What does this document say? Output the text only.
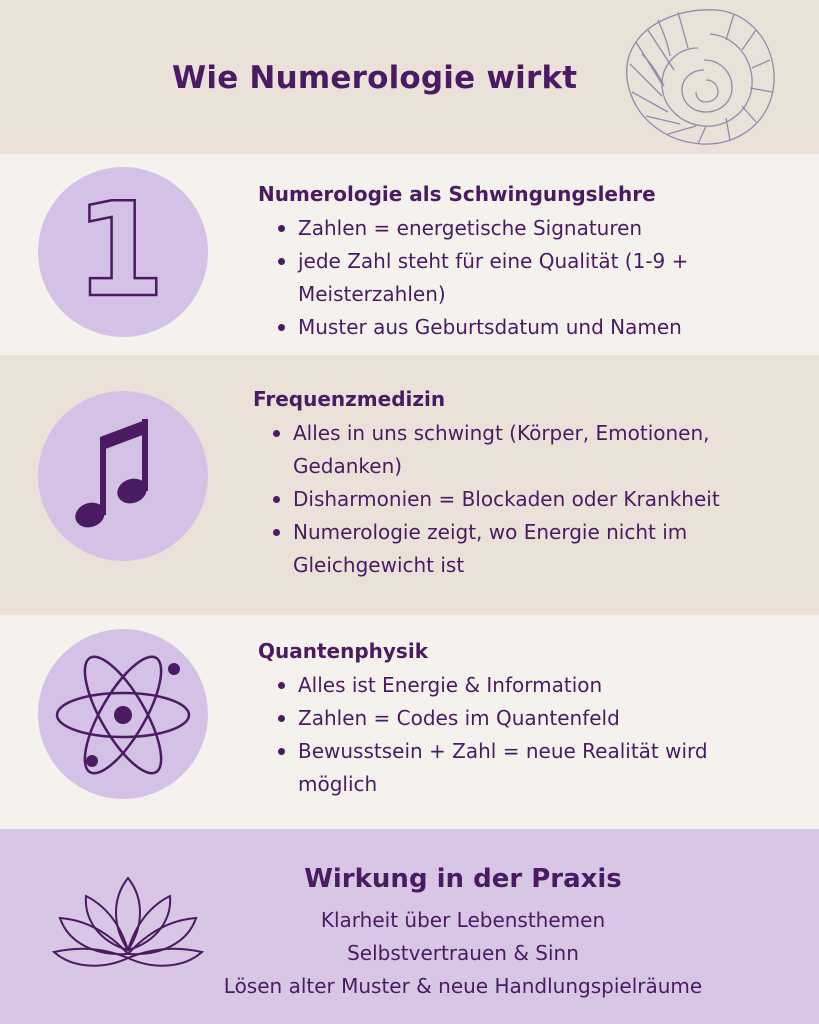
Wie Numerologie wirkt
1	Numerologie als Schwingungslehre
Zahlen = energetische Signaturen
jede Zahl steht für eine Qualität (1-9 + Meisterzahlen)
Muster aus Geburtsdatum und Namen
Frequenzmedizin
Alles in uns schwingt (Körper, Emotionen, Gedanken)
Disharmonien = Blockaden oder Krankheit
Numerologie zeigt, wo Energie nicht im Gleichgewicht ist
Quantenphysik
Alles ist Energie & Information
Zahlen = Codes im Quantenfeld
Bewusstsein + Zahl = neue Realität wird möglich
Wirkung in der Praxis
Klarheit über Lebensthemen
Selbstvertrauen & Sinn
Lösen alter Muster & neue Handlungspielräume
